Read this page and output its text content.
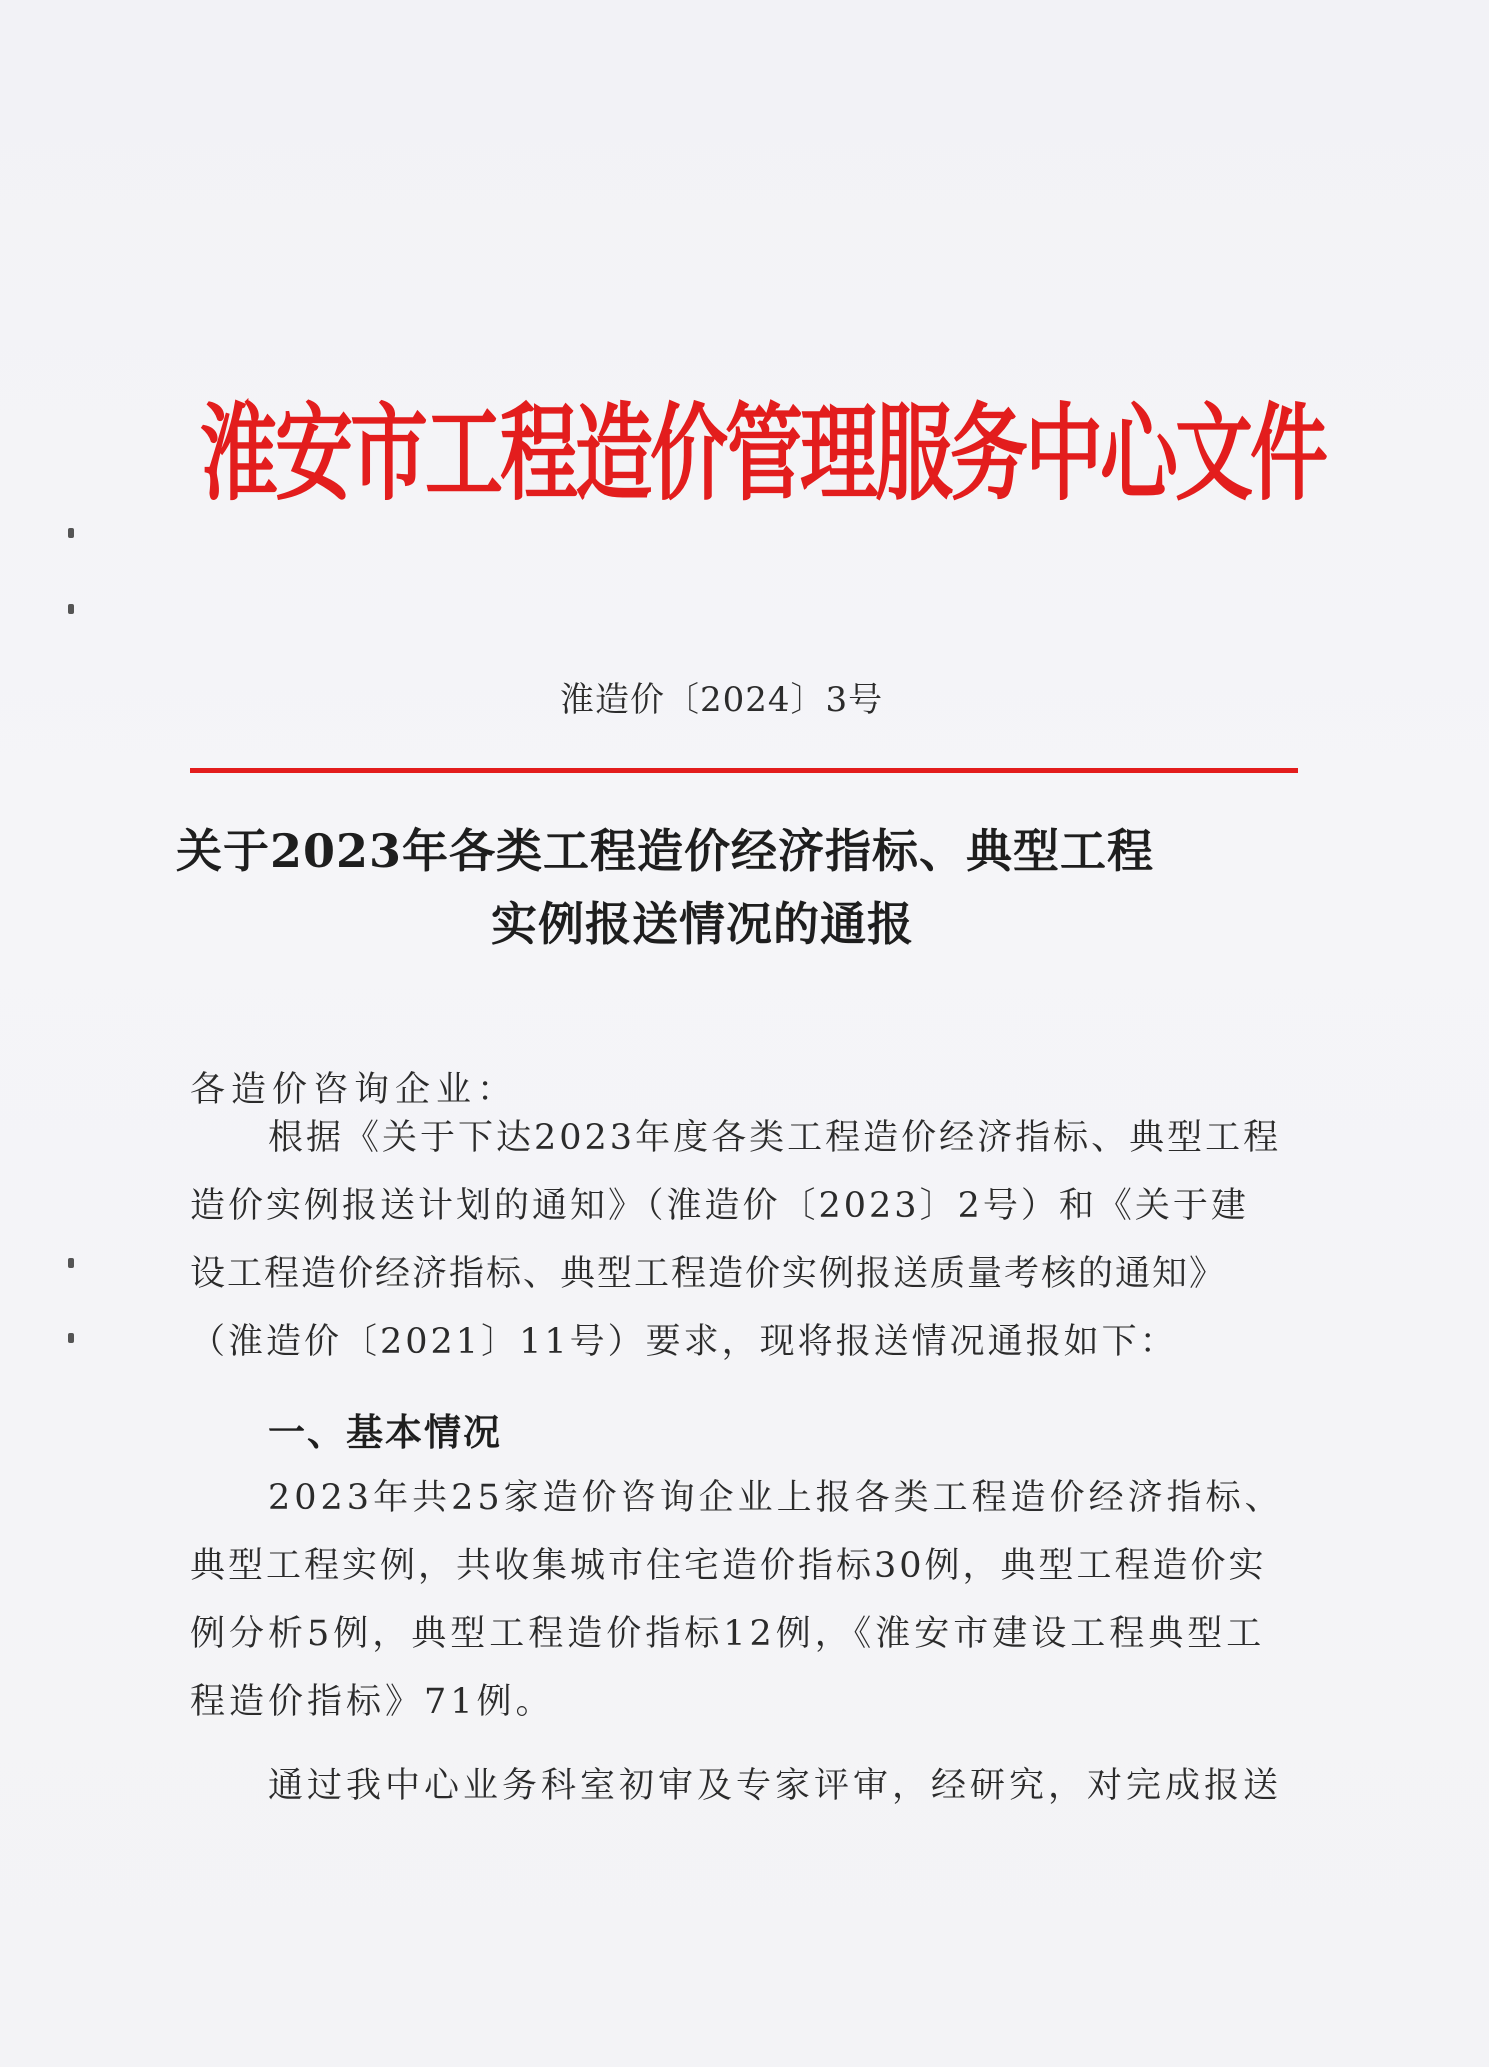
淮安市工程造价管理服务中心文件
淮造价〔2024〕3号
关于2023年各类工程造价经济指标、典型工程
实例报送情况的通报
各造价咨询企业：
根据《关于下达2023年度各类工程造价经济指标、典型工程
造价实例报送计划的通知》（淮造价〔2023〕2号）和《关于建
设工程造价经济指标、典型工程造价实例报送质量考核的通知》
（淮造价〔2021〕11号）要求，现将报送情况通报如下：
一、基本情况
2023年共25家造价咨询企业上报各类工程造价经济指标、
典型工程实例，共收集城市住宅造价指标30例，典型工程造价实
例分析5例，典型工程造价指标12例，《淮安市建设工程典型工
程造价指标》71例。
通过我中心业务科室初审及专家评审，经研究，对完成报送
